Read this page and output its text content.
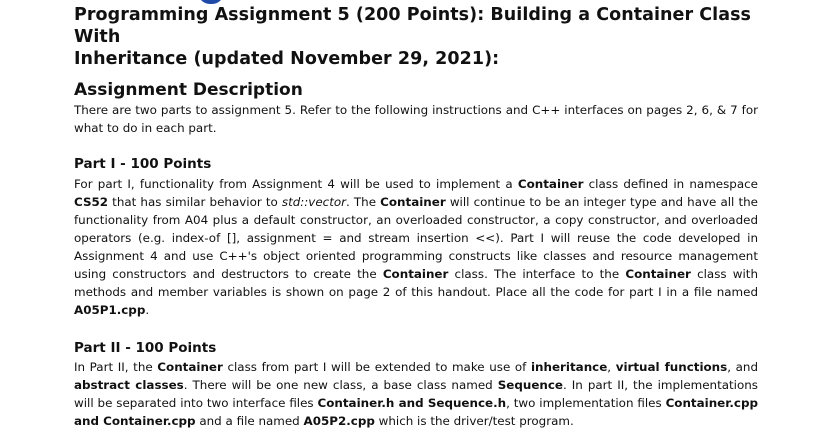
Programming Assignment 5 (200 Points): Building a Container Class With
Inheritance (updated November 29, 2021):
Assignment Description
There are two parts to assignment 5. Refer to the following instructions and C++ interfaces on pages 2, 6, & 7 for what to do in each part.
Part I - 100 Points
For part I, functionality from Assignment 4 will be used to implement a Container class defined in namespace CS52 that has similar behavior to std::vector. The Container will continue to be an integer type and have all the functionality from A04 plus a default constructor, an overloaded constructor, a copy constructor, and overloaded operators (e.g. index-of [], assignment = and stream insertion <<). Part I will reuse the code developed in Assignment 4 and use C++'s object oriented programming constructs like classes and resource management using constructors and destructors to create the Container class. The interface to the Container class with methods and member variables is shown on page 2 of this handout. Place all the code for part I in a file named A05P1.cpp.
Part II - 100 Points
In Part II, the Container class from part I will be extended to make use of inheritance, virtual functions, and abstract classes. There will be one new class, a base class named Sequence. In part II, the implementations will be separated into two interface files Container.h and Sequence.h, two implementation files Container.cpp and Container.cpp and a file named A05P2.cpp which is the driver/test program.
